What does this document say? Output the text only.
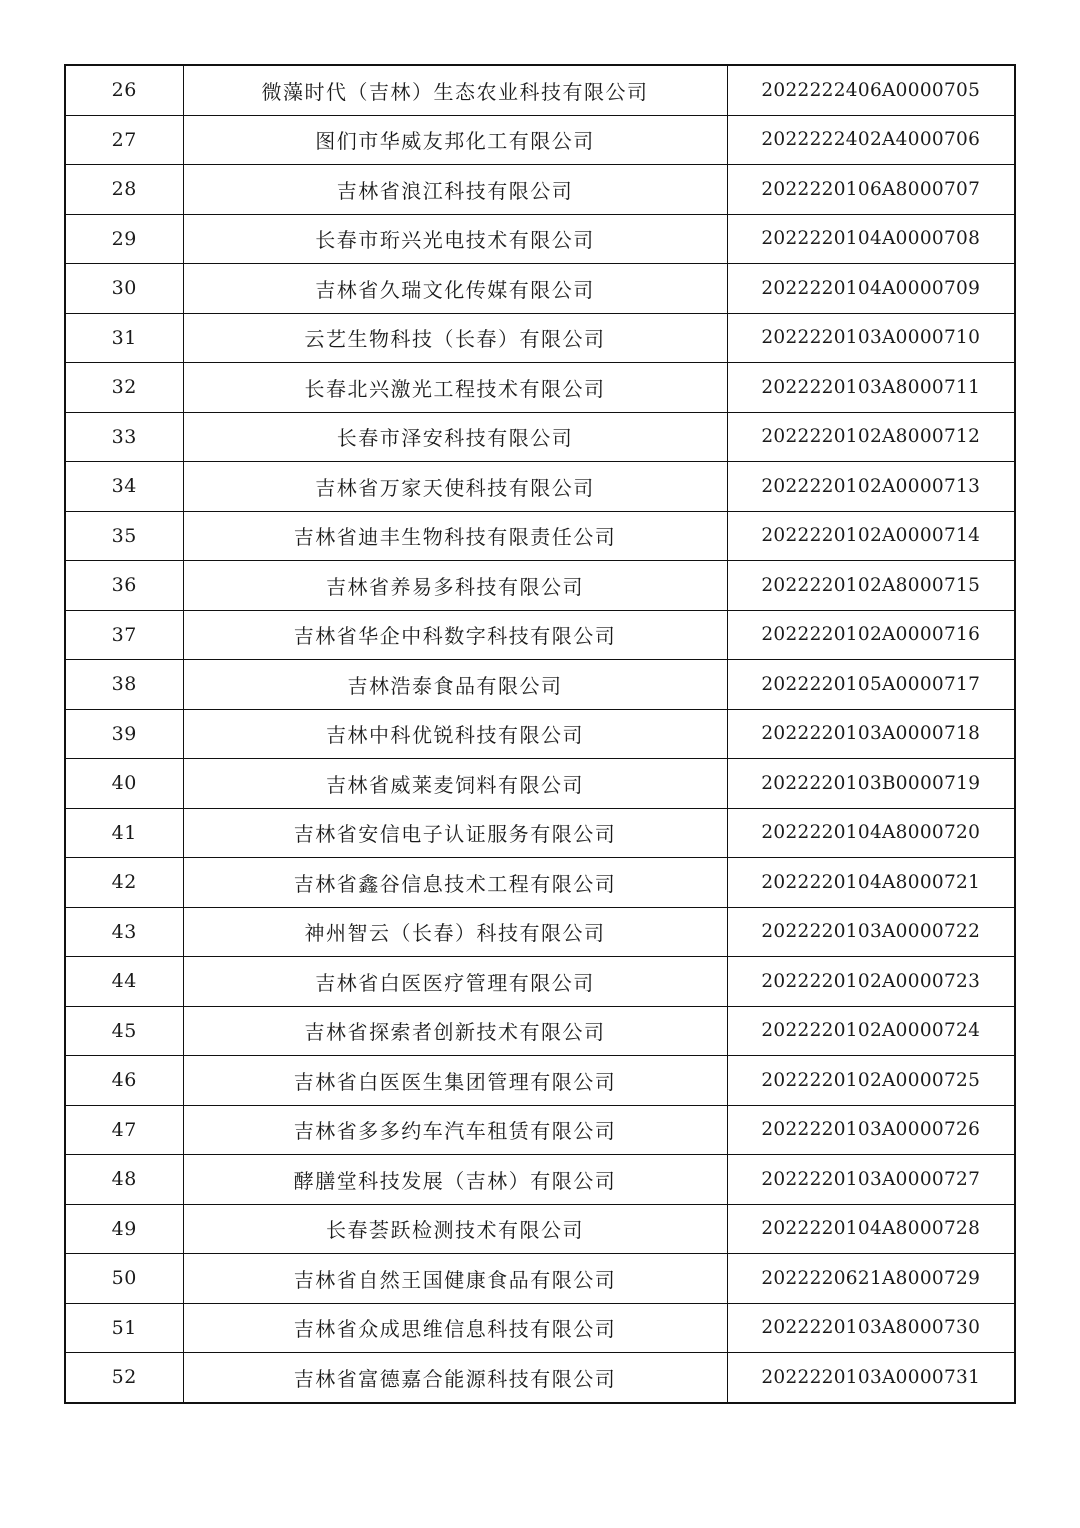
26	微藻时代（吉林）生态农业科技有限公司	2022222406A0000705
27	图们市华威友邦化工有限公司	2022222402A4000706
28	吉林省浪江科技有限公司	2022220106A8000707
29	长春市珩兴光电技术有限公司	2022220104A0000708
30	吉林省久瑞文化传媒有限公司	2022220104A0000709
31	云艺生物科技（长春）有限公司	2022220103A0000710
32	长春北兴激光工程技术有限公司	2022220103A8000711
33	长春市泽安科技有限公司	2022220102A8000712
34	吉林省万家天使科技有限公司	2022220102A0000713
35	吉林省迪丰生物科技有限责任公司	2022220102A0000714
36	吉林省养易多科技有限公司	2022220102A8000715
37	吉林省华企中科数字科技有限公司	2022220102A0000716
38	吉林浩泰食品有限公司	2022220105A0000717
39	吉林中科优锐科技有限公司	2022220103A0000718
40	吉林省威莱麦饲料有限公司	2022220103B0000719
41	吉林省安信电子认证服务有限公司	2022220104A8000720
42	吉林省鑫谷信息技术工程有限公司	2022220104A8000721
43	神州智云（长春）科技有限公司	2022220103A0000722
44	吉林省白医医疗管理有限公司	2022220102A0000723
45	吉林省探索者创新技术有限公司	2022220102A0000724
46	吉林省白医医生集团管理有限公司	2022220102A0000725
47	吉林省多多约车汽车租赁有限公司	2022220103A0000726
48	酵膳堂科技发展（吉林）有限公司	2022220103A0000727
49	长春荟跃检测技术有限公司	2022220104A8000728
50	吉林省自然王国健康食品有限公司	2022220621A8000729
51	吉林省众成思维信息科技有限公司	2022220103A8000730
52	吉林省富德嘉合能源科技有限公司	2022220103A0000731
